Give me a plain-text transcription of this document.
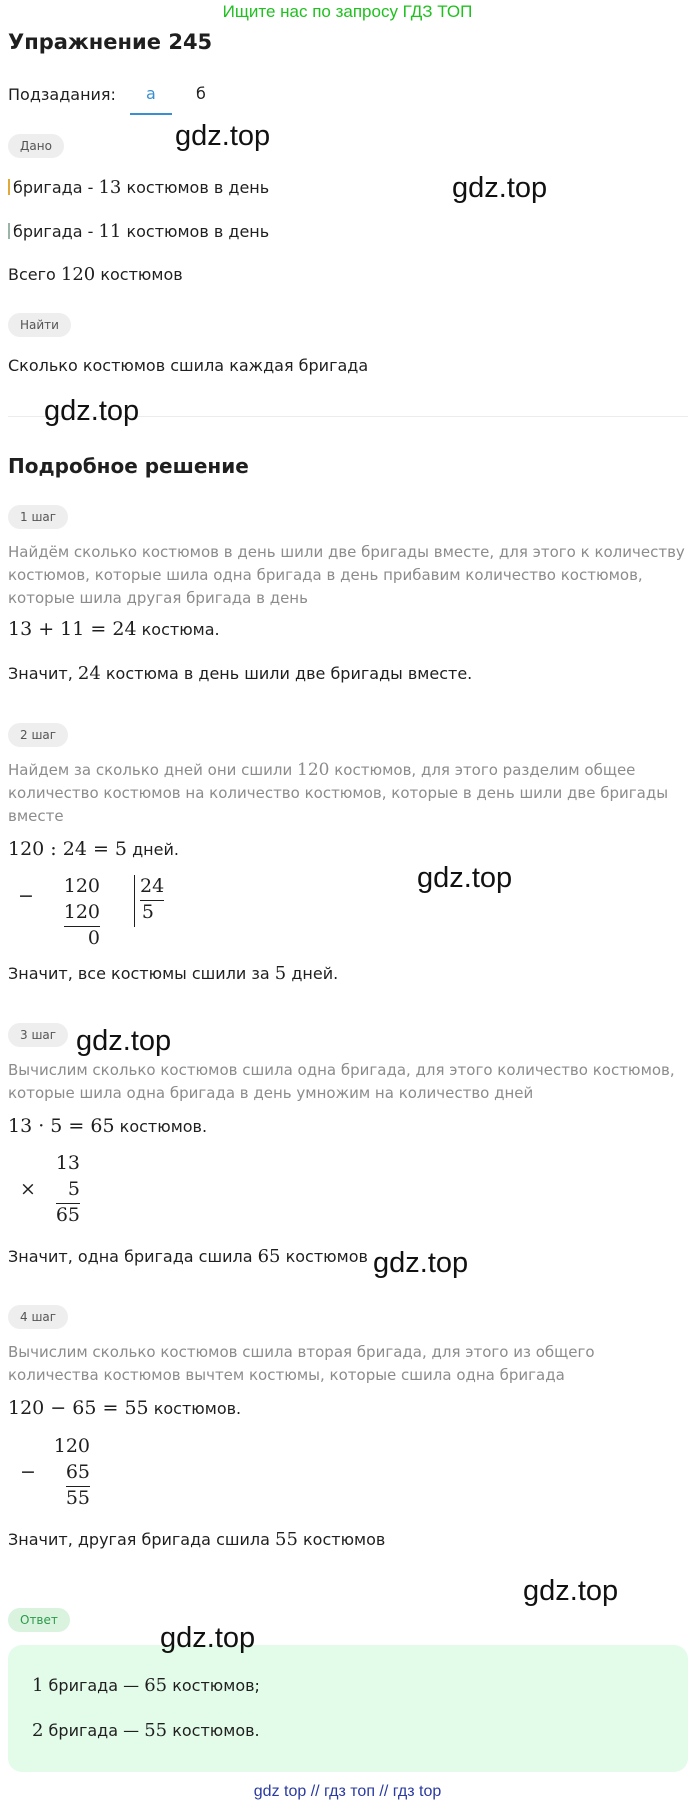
Ищите нас по запросу ГДЗ ТОП
Упражнение 245
Подзадания: а	б
Дано
бригада - 13 костюмов в день
бригада - 11 костюмов в день
Всего 120 костюмов
Найти
Сколько костюмов сшила каждая бригада
Подробное решение
1 шаг
Найдём сколько костюмов в день шили две бригады вместе, для этого к количеству костюмов, которые шила одна бригада в день прибавим количество костюмов, которые шила другая бригада в день
13 + 11 = 24 костюма.
Значит, 24 костюма в день шили две бригады вместе.
2 шаг
Найдем за сколько дней они сшили 120 костюмов, для этого разделим общее количество костюмов на количество костюмов, которые в день шили две бригады вместе
120 : 24 = 5 дней.
− 120
120
0
24
5
Значит, все костюмы сшили за 5 дней.
3 шаг
Вычислим сколько костюмов сшила одна бригада, для этого количество костюмов, которые шила одна бригада в день умножим на количество дней
13 · 5 = 65 костюмов.
×
13
5
65
Значит, одна бригада сшила 65 костюмов
4 шаг
Вычислим сколько костюмов сшила вторая бригада, для этого из общего количества костюмов вычтем костюмы, которые сшила одна бригада
120 − 65 = 55 костюмов.
−
120
65
55
Значит, другая бригада сшила 55 костюмов
Ответ
1 бригада — 65 костюмов;
2 бригада — 55 костюмов.
gdz.top
gdz.top
gdz.top
gdz.top
gdz.top
gdz.top
gdz.top
gdz.top
gdz top // гдз топ // гдз top
